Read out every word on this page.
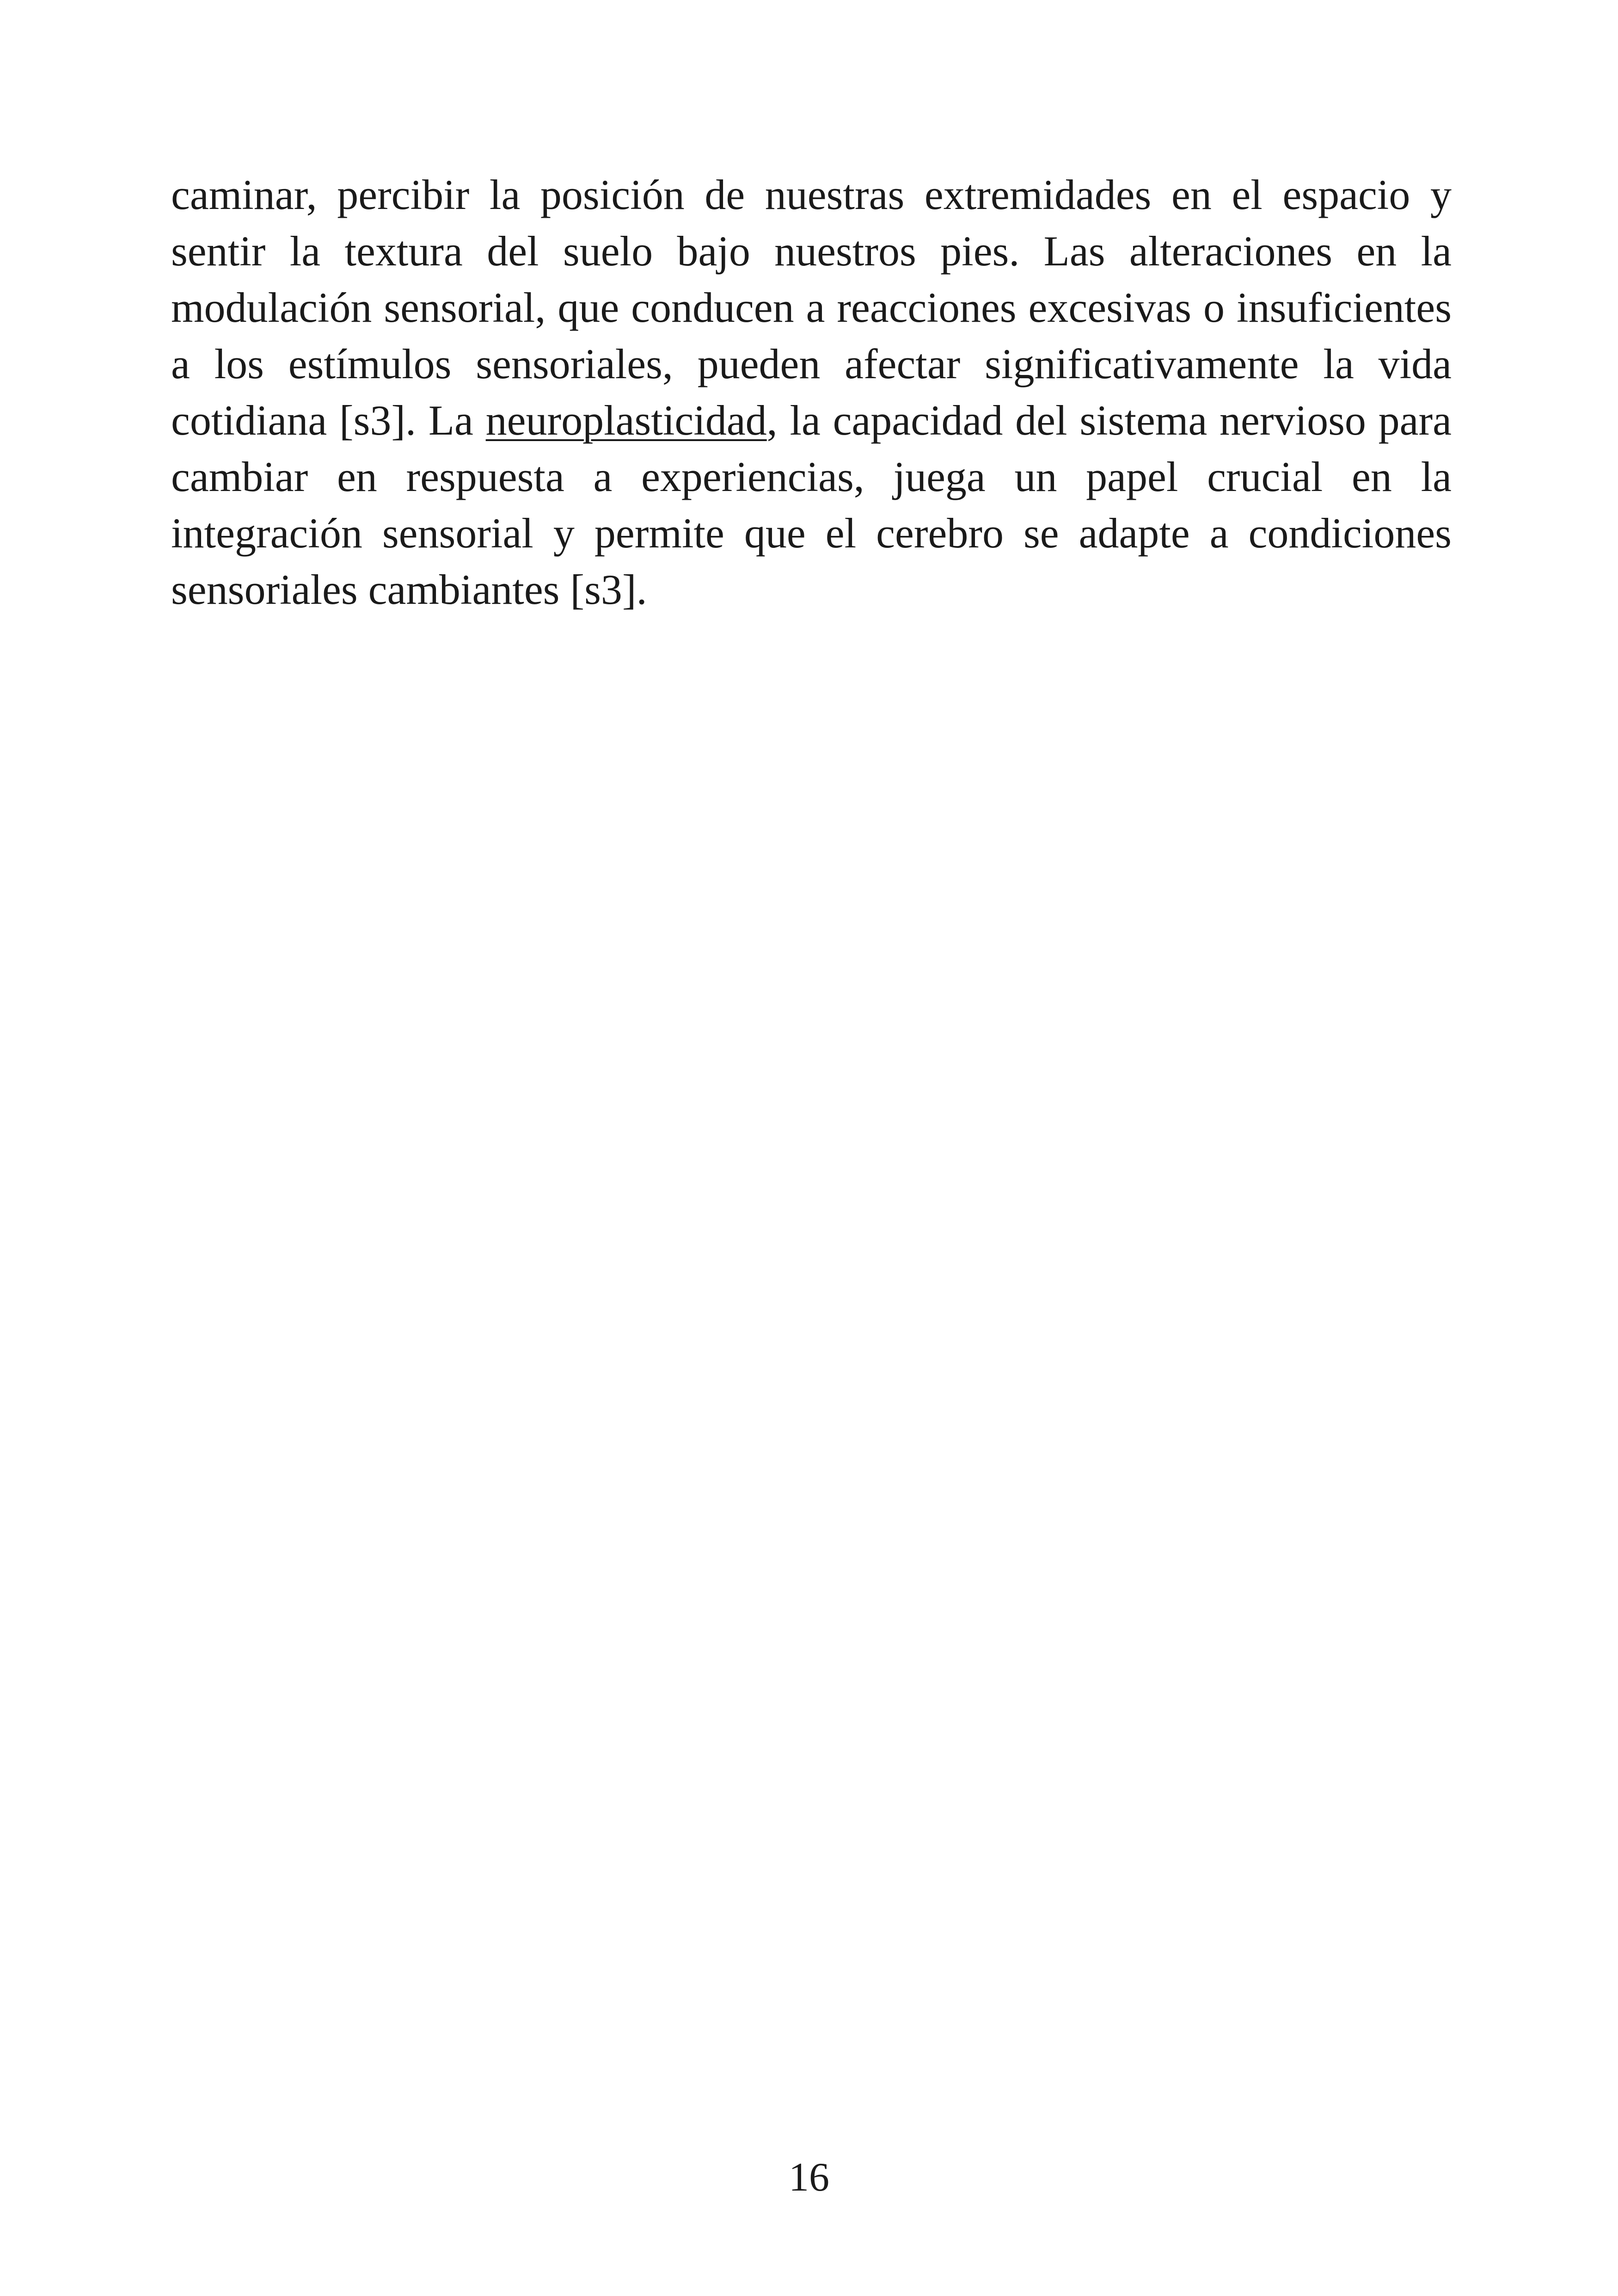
caminar, percibir la posición de nuestras extremidades en el espacio y sentir la textura del suelo bajo nuestros pies. Las alteraciones en la modulación sensorial, que conducen a reacciones excesivas o insuficientes a los estímulos sensoriales, pueden afectar significativamente la vida cotidiana [s3]. La neuroplasticidad, la capacidad del sistema nervioso para cambiar en respuesta a experiencias, juega un papel crucial en la integración sensorial y permite que el cerebro se adapte a condiciones sensoriales cambiantes [s3].

16
